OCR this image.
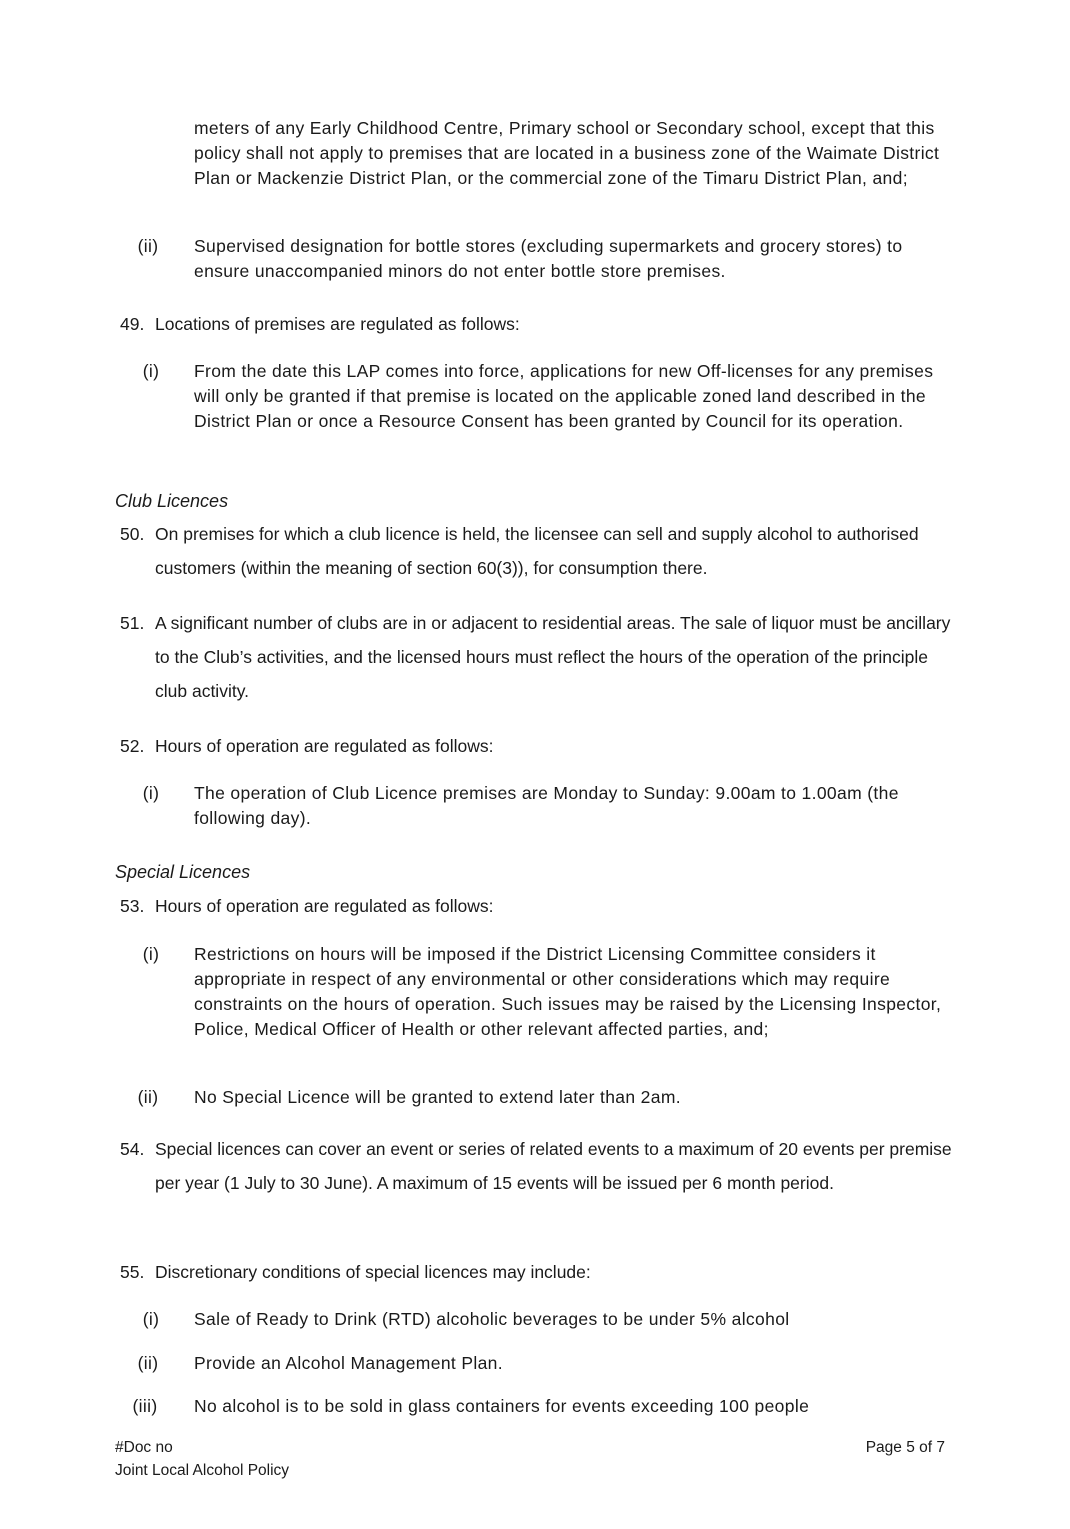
meters of any Early Childhood Centre, Primary school or Secondary school, except that this policy shall not apply to premises that are located in a business zone of the Waimate District Plan or Mackenzie District Plan, or the commercial zone of the Timaru District Plan, and;
(ii)	Supervised designation for bottle stores (excluding supermarkets and grocery stores) to ensure unaccompanied minors do not enter bottle store premises.
49. Locations of premises are regulated as follows:
(i)	From the date this LAP comes into force, applications for new Off-licenses for any premises will only be granted if that premise is located on the applicable zoned land described in the District Plan or once a Resource Consent has been granted by Council for its operation.
Club Licences
50. On premises for which a club licence is held, the licensee can sell and supply alcohol to authorised customers (within the meaning of section 60(3)), for consumption there.
51. A significant number of clubs are in or adjacent to residential areas. The sale of liquor must be ancillary to the Club’s activities, and the licensed hours must reflect the hours of the operation of the principle club activity.
52. Hours of operation are regulated as follows:
(i)	The operation of Club Licence premises are Monday to Sunday: 9.00am to 1.00am (the following day).
Special Licences
53. Hours of operation are regulated as follows:
(i)	Restrictions on hours will be imposed if the District Licensing Committee considers it appropriate in respect of any environmental or other considerations which may require constraints on the hours of operation. Such issues may be raised by the Licensing Inspector, Police, Medical Officer of Health or other relevant affected parties, and;
(ii)	No Special Licence will be granted to extend later than 2am.
54. Special licences can cover an event or series of related events to a maximum of 20 events per premise per year (1 July to 30 June). A maximum of 15 events will be issued per 6 month period.
55. Discretionary conditions of special licences may include:
(i)	Sale of Ready to Drink (RTD) alcoholic beverages to be under 5% alcohol
(ii)	Provide an Alcohol Management Plan.
(iii)	No alcohol is to be sold in glass containers for events exceeding 100 people
#Doc no
Joint Local Alcohol Policy
Page 5 of 7
